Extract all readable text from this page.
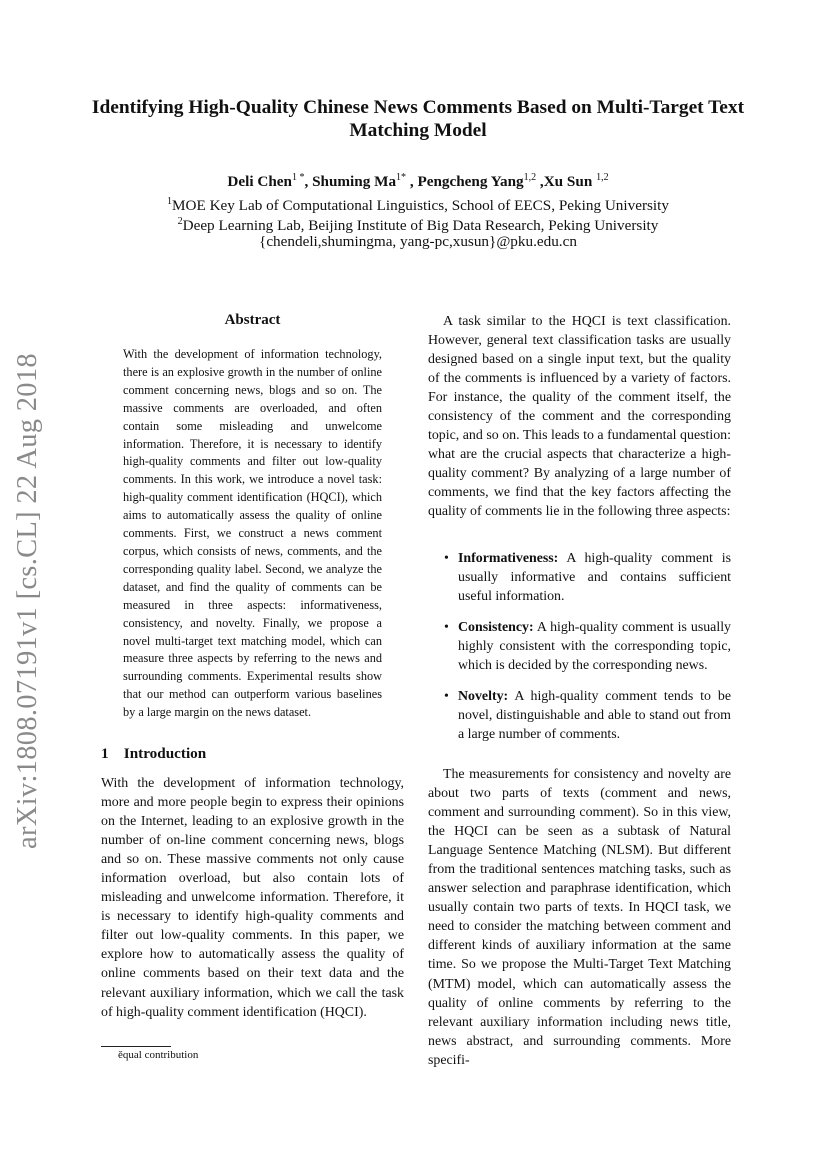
arXiv:1808.07191v1 [cs.CL] 22 Aug 2018
Identifying High-Quality Chinese News Comments Based on Multi-Target Text Matching Model
Deli Chen$^{1 *}$, Shuming $Ma^{1*}$ , Pengcheng Yang$^{1,2}$ ,Xu Sun $^{1,2}$
$^1$MOE Key Lab of Computational Linguistics, School of EECS, Peking University
$^2$Deep Learning Lab, Beijing Institute of Big Data Research, Peking University
{chendeli,shumingma, yang-pc,xusun}@pku.edu.cn
Abstract
With the development of information technology, there is an explosive growth in the number of online comment concerning news, blogs and so on. The massive comments are overloaded, and often contain some misleading and unwelcome information. Therefore, it is necessary to identify high-quality comments and filter out low-quality comments. In this work, we introduce a novel task: high-quality comment identification (HQCI), which aims to automatically assess the quality of online comments. First, we construct a news comment corpus, which consists of news, comments, and the corresponding quality label. Second, we analyze the dataset, and find the quality of comments can be measured in three aspects: informativeness, consistency, and novelty. Finally, we propose a novel multi-target text matching model, which can measure three aspects by referring to the news and surrounding comments. Experimental results show that our method can outperform various baselines by a large margin on the news dataset.
1 Introduction
With the development of information technology, more and more people begin to express their opinions on the Internet, leading to an explosive growth in the number of on-line comment concerning news, blogs and so on. These massive comments not only cause information overload, but also contain lots of misleading and unwelcome information. Therefore, it is necessary to identify high-quality comments and filter out low-quality comments. In this paper, we explore how to automatically assess the quality of online comments based on their text data and the relevant auxiliary information, which we call the task of high-quality comment identification (HQCI).
ěqual contribution
A task similar to the HQCI is text classification. However, general text classification tasks are usually designed based on a single input text, but the quality of the comments is influenced by a variety of factors. For instance, the quality of the comment itself, the consistency of the comment and the corresponding topic, and so on. This leads to a fundamental question: what are the crucial aspects that characterize a high-quality comment? By analyzing of a large number of comments, we find that the key factors affecting the quality of comments lie in the following three aspects:
• Informativeness: A high-quality comment is usually informative and contains sufficient useful information.
• Consistency: A high-quality comment is usually highly consistent with the corresponding topic, which is decided by the corresponding news.
• Novelty: A high-quality comment tends to be novel, distinguishable and able to stand out from a large number of comments.
The measurements for consistency and novelty are about two parts of texts (comment and news, comment and surrounding comment). So in this view, the HQCI can be seen as a subtask of Natural Language Sentence Matching (NLSM). But different from the traditional sentences matching tasks, such as answer selection and paraphrase identification, which usually contain two parts of texts. In HQCI task, we need to consider the matching between comment and different kinds of auxiliary information at the same time. So we propose the Multi-Target Text Matching (MTM) model, which can automatically assess the quality of online comments by referring to the relevant auxiliary information including news title, news abstract, and surrounding comments. More specifi-
